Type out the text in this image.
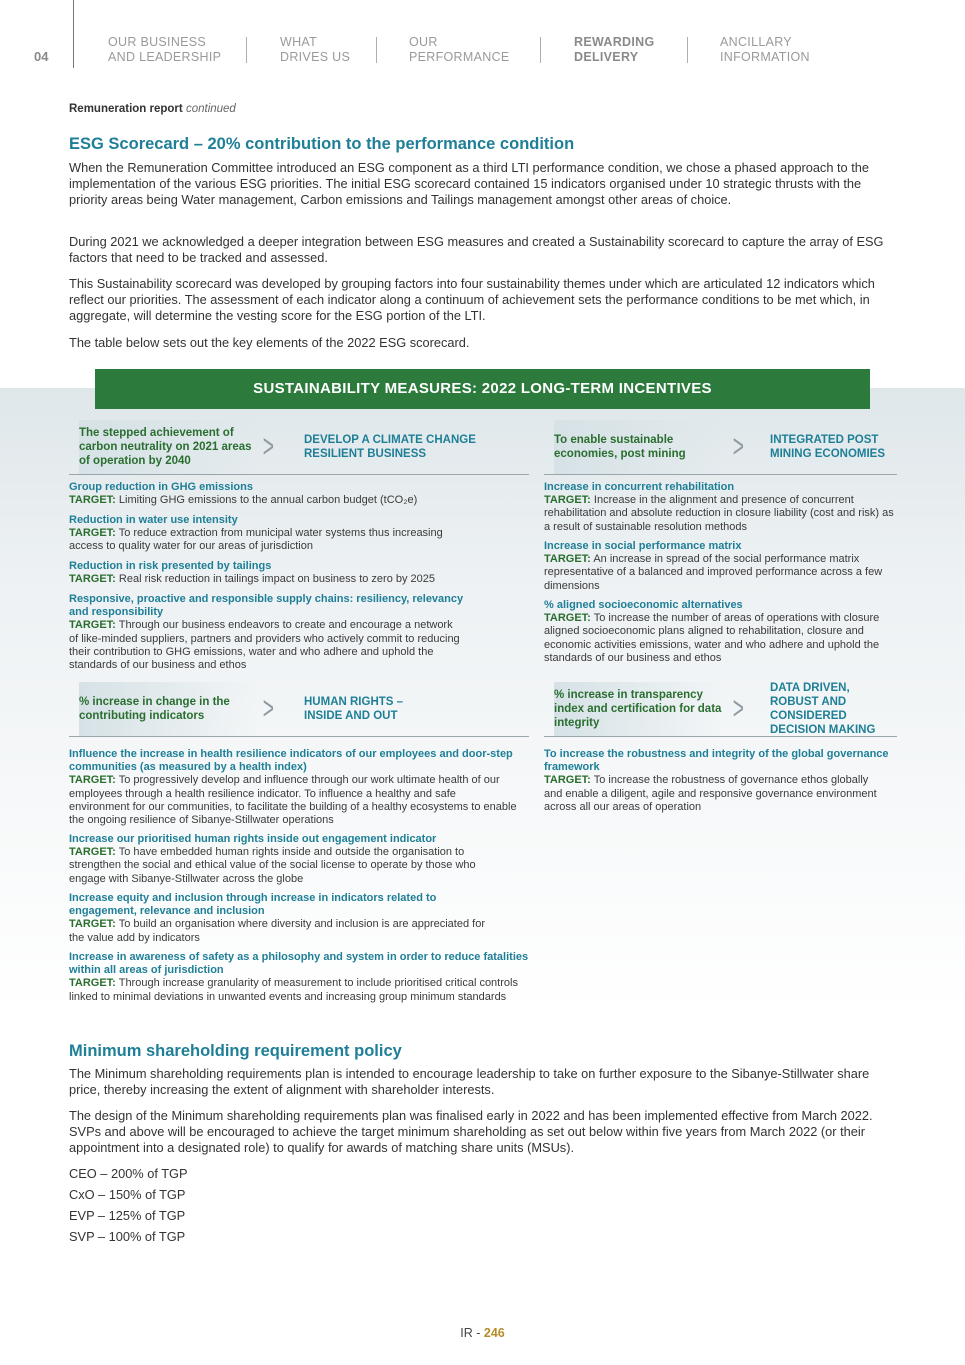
04
OUR BUSINESS
AND LEADERSHIP
WHAT
DRIVES US
OUR
PERFORMANCE
REWARDING
DELIVERY
ANCILLARY
INFORMATION
Remuneration report continued
ESG Scorecard – 20% contribution to the performance condition

When the Remuneration Committee introduced an ESG component as a third LTI performance condition, we chose a phased approach to the implementation of the various ESG priorities. The initial ESG scorecard contained 15 indicators organised under 10 strategic thrusts with the priority areas being Water management, Carbon emissions and Tailings management amongst other areas of choice.

During 2021 we acknowledged a deeper integration between ESG measures and created a Sustainability scorecard to capture the array of ESG factors that need to be tracked and assessed.

This Sustainability scorecard was developed by grouping factors into four sustainability themes under which are articulated 12 indicators which reflect our priorities. The assessment of each indicator along a continuum of achievement sets the performance conditions to be met which, in aggregate, will determine the vesting score for the ESG portion of the LTI.

The table below sets out the key elements of the 2022 ESG scorecard.

SUSTAINABILITY MEASURES: 2022 LONG-TERM INCENTIVES
The stepped achievement of carbon neutrality on 2021 areas of operation by 2040	>	DEVELOP A CLIMATE CHANGE RESILIENT BUSINESS
Group reduction in GHG emissions
TARGET: Limiting GHG emissions to the annual carbon budget (tCO₂e)
Reduction in water use intensity
TARGET: To reduce extraction from municipal water systems thus increasing access to quality water for our areas of jurisdiction
Reduction in risk presented by tailings
TARGET: Real risk reduction in tailings impact on business to zero by 2025
Responsive, proactive and responsible supply chains: resiliency, relevancy and responsibility
TARGET: Through our business endeavors to create and encourage a network of like-minded suppliers, partners and providers who actively commit to reducing their contribution to GHG emissions, water and who adhere and uphold the standards of our business and ethos
To enable sustainable economies, post mining	> INTEGRATED POST MINING ECONOMIES
Increase in concurrent rehabilitation
TARGET: Increase in the alignment and presence of concurrent rehabilitation and absolute reduction in closure liability (cost and risk) as a result of sustainable resolution methods
Increase in social performance matrix
TARGET: An increase in spread of the social performance matrix representative of a balanced and improved performance across a few dimensions
% aligned socioeconomic alternatives
TARGET: To increase the number of areas of operations with closure aligned socioeconomic plans aligned to rehabilitation, closure and economic activities emissions, water and who adhere and uphold the standards of our business and ethos
% increase in change in the contributing indicators	>	HUMAN RIGHTS – INSIDE AND OUT
Influence the increase in health resilience indicators of our employees and door-step communities (as measured by a health index)
TARGET: To progressively develop and influence through our work ultimate health of our employees through a health resilience indicator. To influence a healthy and safe environment for our communities, to facilitate the building of a healthy ecosystems to enable the ongoing resilience of Sibanye-Stillwater operations
Increase our prioritised human rights inside out engagement indicator
TARGET: To have embedded human rights inside and outside the organisation to strengthen the social and ethical value of the social license to operate by those who engage with Sibanye-Stillwater across the globe
Increase equity and inclusion through increase in indicators related to engagement, relevance and inclusion
TARGET: To build an organisation where diversity and inclusion is are appreciated for the value add by indicators
Increase in awareness of safety as a philosophy and system in order to reduce fatalities within all areas of jurisdiction
TARGET: Through increase granularity of measurement to include prioritised critical controls linked to minimal deviations in unwanted events and increasing group minimum standards
% increase in transparency index and certification for data integrity	>
DATA DRIVEN, ROBUST AND CONSIDERED DECISION MAKING
To increase the robustness and integrity of the global governance framework
TARGET: To increase the robustness of governance ethos globally and enable a diligent, agile and responsive governance environment across all our areas of operation
Minimum shareholding requirement policy

The Minimum shareholding requirements plan is intended to encourage leadership to take on further exposure to the Sibanye-Stillwater share price, thereby increasing the extent of alignment with shareholder interests.

The design of the Minimum shareholding requirements plan was finalised early in 2022 and has been implemented effective from March 2022. SVPs and above will be encouraged to achieve the target minimum shareholding as set out below within five years from March 2022 (or their appointment into a designated role) to qualify for awards of matching share units (MSUs).

CEO – 200% of TGP
CxO – 150% of TGP
EVP – 125% of TGP
SVP – 100% of TGP
IR - 246
